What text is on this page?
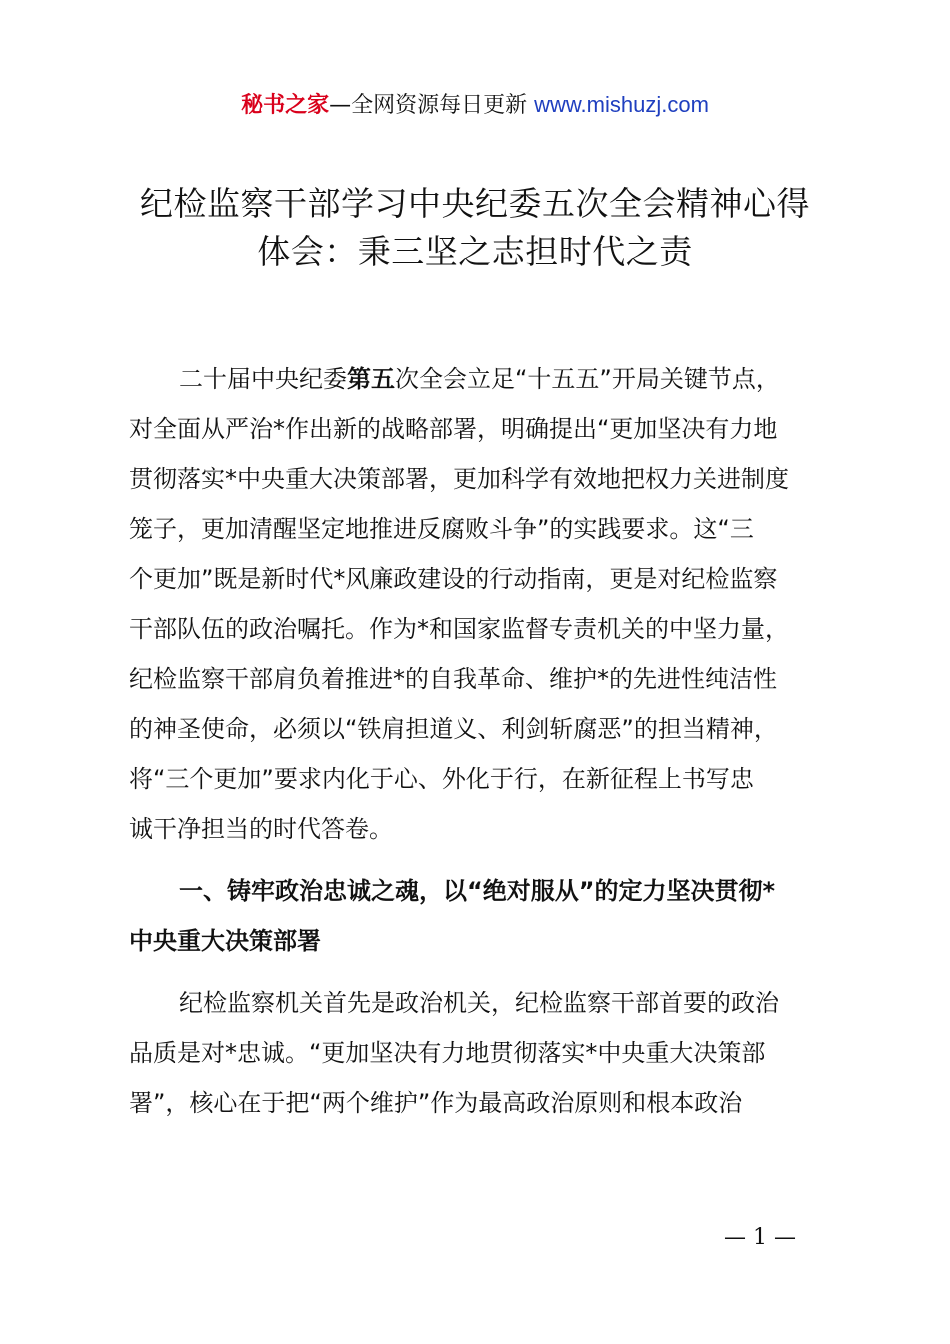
秘书之家—全网资源每日更新 www.mishuzj.com
纪检监察干部学习中央纪委五次全会精神心得
体会：秉三坚之志担时代之责
二十届中央纪委第五次全会立足“十五五”开局关键节点，
对全面从严治*作出新的战略部署，明确提出“更加坚决有力地
贯彻落实*中央重大决策部署，更加科学有效地把权力关进制度
笼子，更加清醒坚定地推进反腐败斗争”的实践要求。这“三
个更加”既是新时代*风廉政建设的行动指南，更是对纪检监察
干部队伍的政治嘱托。作为*和国家监督专责机关的中坚力量，
纪检监察干部肩负着推进*的自我革命、维护*的先进性纯洁性
的神圣使命，必须以“铁肩担道义、利剑斩腐恶”的担当精神，
将“三个更加”要求内化于心、外化于行，在新征程上书写忠
诚干净担当的时代答卷。
一、铸牢政治忠诚之魂，以“绝对服从”的定力坚决贯彻*
中央重大决策部署
纪检监察机关首先是政治机关，纪检监察干部首要的政治
品质是对*忠诚。“更加坚决有力地贯彻落实*中央重大决策部
署”，核心在于把“两个维护”作为最高政治原则和根本政治
— 1 —
